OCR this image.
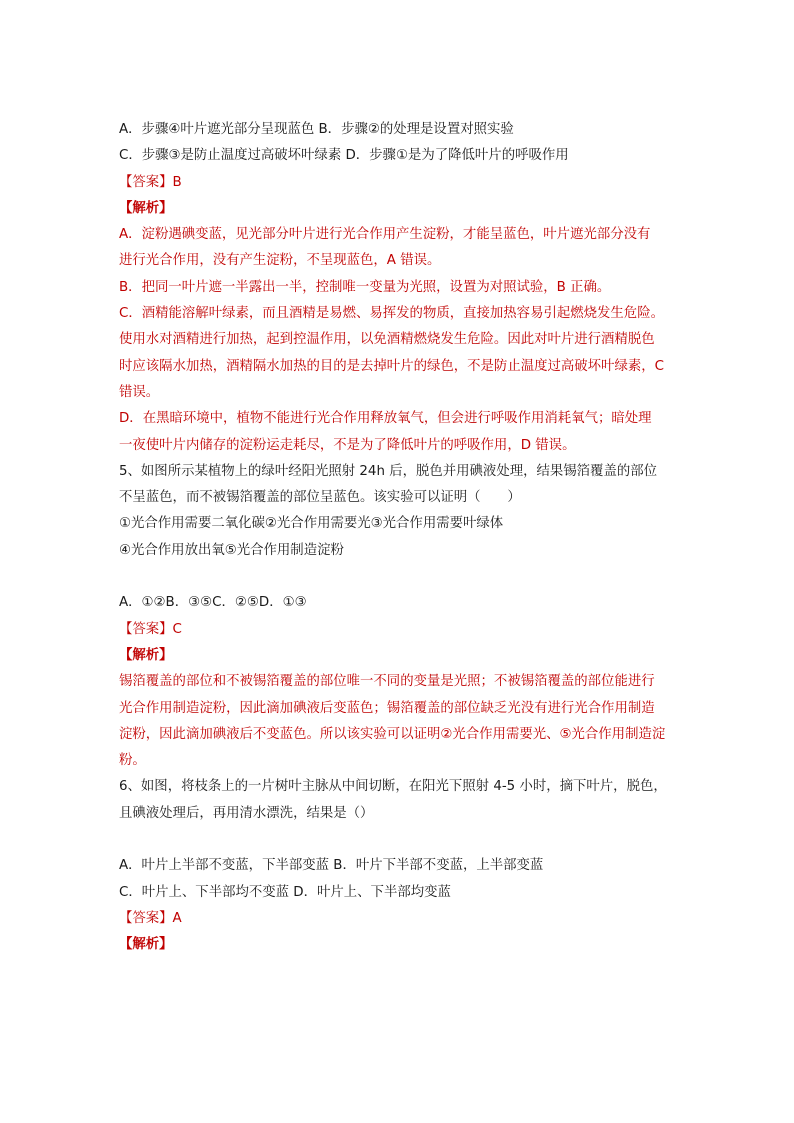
A．步骤④叶片遮光部分呈现蓝色 B．步骤②的处理是设置对照实验
C．步骤③是防止温度过高破坏叶绿素 D．步骤①是为了降低叶片的呼吸作用
【答案】B
【解析】
A．淀粉遇碘变蓝，见光部分叶片进行光合作用产生淀粉，才能呈蓝色，叶片遮光部分没有
进行光合作用，没有产生淀粉，不呈现蓝色，A 错误。
B．把同一叶片遮一半露出一半，控制唯一变量为光照，设置为对照试验，B 正确。
C．酒精能溶解叶绿素，而且酒精是易燃、易挥发的物质，直接加热容易引起燃烧发生危险。
使用水对酒精进行加热，起到控温作用，以免酒精燃烧发生危险。因此对叶片进行酒精脱色
时应该隔水加热，酒精隔水加热的目的是去掉叶片的绿色，不是防止温度过高破坏叶绿素，C
错误。
D．在黑暗环境中，植物不能进行光合作用释放氧气，但会进行呼吸作用消耗氧气；暗处理
一夜使叶片内储存的淀粉运走耗尽，不是为了降低叶片的呼吸作用，D 错误。
5、如图所示某植物上的绿叶经阳光照射 24h 后，脱色并用碘液处理，结果锡箔覆盖的部位
不呈蓝色，而不被锡箔覆盖的部位呈蓝色。该实验可以证明（　　）
①光合作用需要二氧化碳②光合作用需要光③光合作用需要叶绿体
④光合作用放出氧⑤光合作用制造淀粉
A．①②B．③⑤C．②⑤D．①③
【答案】C
【解析】
锡箔覆盖的部位和不被锡箔覆盖的部位唯一不同的变量是光照；不被锡箔覆盖的部位能进行
光合作用制造淀粉，因此滴加碘液后变蓝色；锡箔覆盖的部位缺乏光没有进行光合作用制造
淀粉，因此滴加碘液后不变蓝色。所以该实验可以证明②光合作用需要光、⑤光合作用制造淀
粉。
6、如图，将枝条上的一片树叶主脉从中间切断，在阳光下照射 4-5 小时，摘下叶片，脱色，
且碘液处理后，再用清水漂洗，结果是（）
A．叶片上半部不变蓝，下半部变蓝 B．叶片下半部不变蓝，上半部变蓝
C．叶片上、下半部均不变蓝 D．叶片上、下半部均变蓝
【答案】A
【解析】
